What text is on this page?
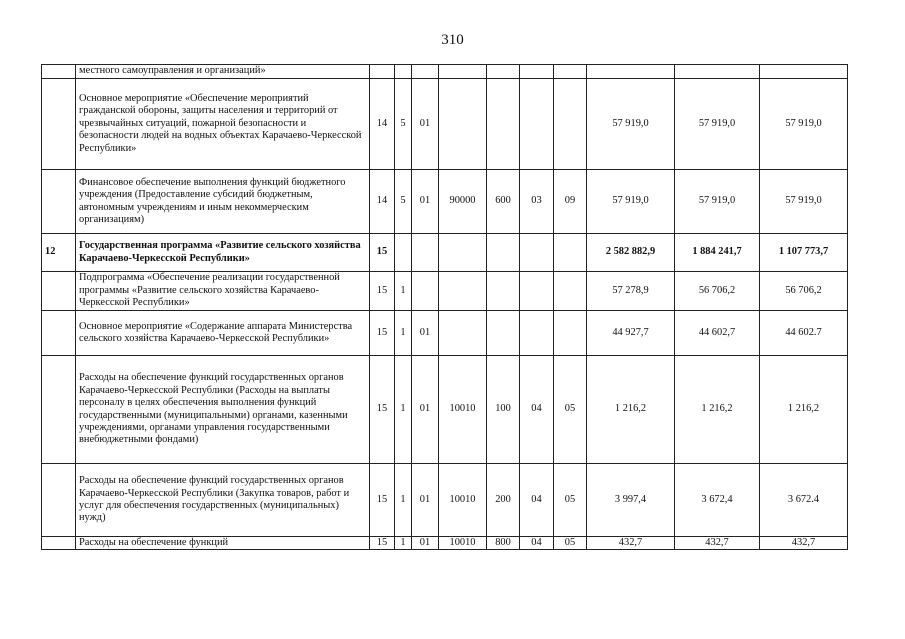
310
	местного самоуправления и организаций»										
	Основное мероприятие «Обеспечение мероприятий гражданской обороны, защиты населения и территорий от чрезвычайных ситуаций, пожарной безопасности и безопасности людей на водных объектах Карачаево-Черкесской Республики»	14	5	01					57 919,0	57 919,0	57 919,0
	Финансовое обеспечение выполнения функций бюджетного учреждения (Предоставление субсидий бюджетным, автономным учреждениям и иным некоммерческим организациям)	14	5	01	90000	600	03	09	57 919,0	57 919,0	57 919,0
12	Государственная программа «Развитие сельского хозяйства Карачаево-Черкесской Республики»	15							2 582 882,9	1 884 241,7	1 107 773,7
	Подпрограмма «Обеспечение реализации государственной программы «Развитие сельского хозяйства Карачаево-Черкесской Республики»	15	1						57 278,9	56 706,2	56 706,2
	Основное мероприятие «Содержание аппарата Министерства сельского хозяйства Карачаево-Черкесской Республики»	15	1	01					44 927,7	44 602,7	44 602.7
	Расходы на обеспечение функций государственных органов Карачаево-Черкесской Республики (Расходы на выплаты персоналу в целях обеспечения выполнения функций государственными (муниципальными) органами, казенными учреждениями, органами управления государственными внебюджетными фондами)	15	1	01	10010	100	04	05	1 216,2	1 216,2	1 216,2
	Расходы на обеспечение функций государственных органов Карачаево-Черкесской Республики (Закупка товаров, работ и услуг для обеспечения государственных (муниципальных) нужд)	15	1	01	10010	200	04	05	3 997,4	3 672,4	3 672.4
	Расходы на обеспечение функций	15	1	01	10010	800	04	05	432,7	432,7	432,7
